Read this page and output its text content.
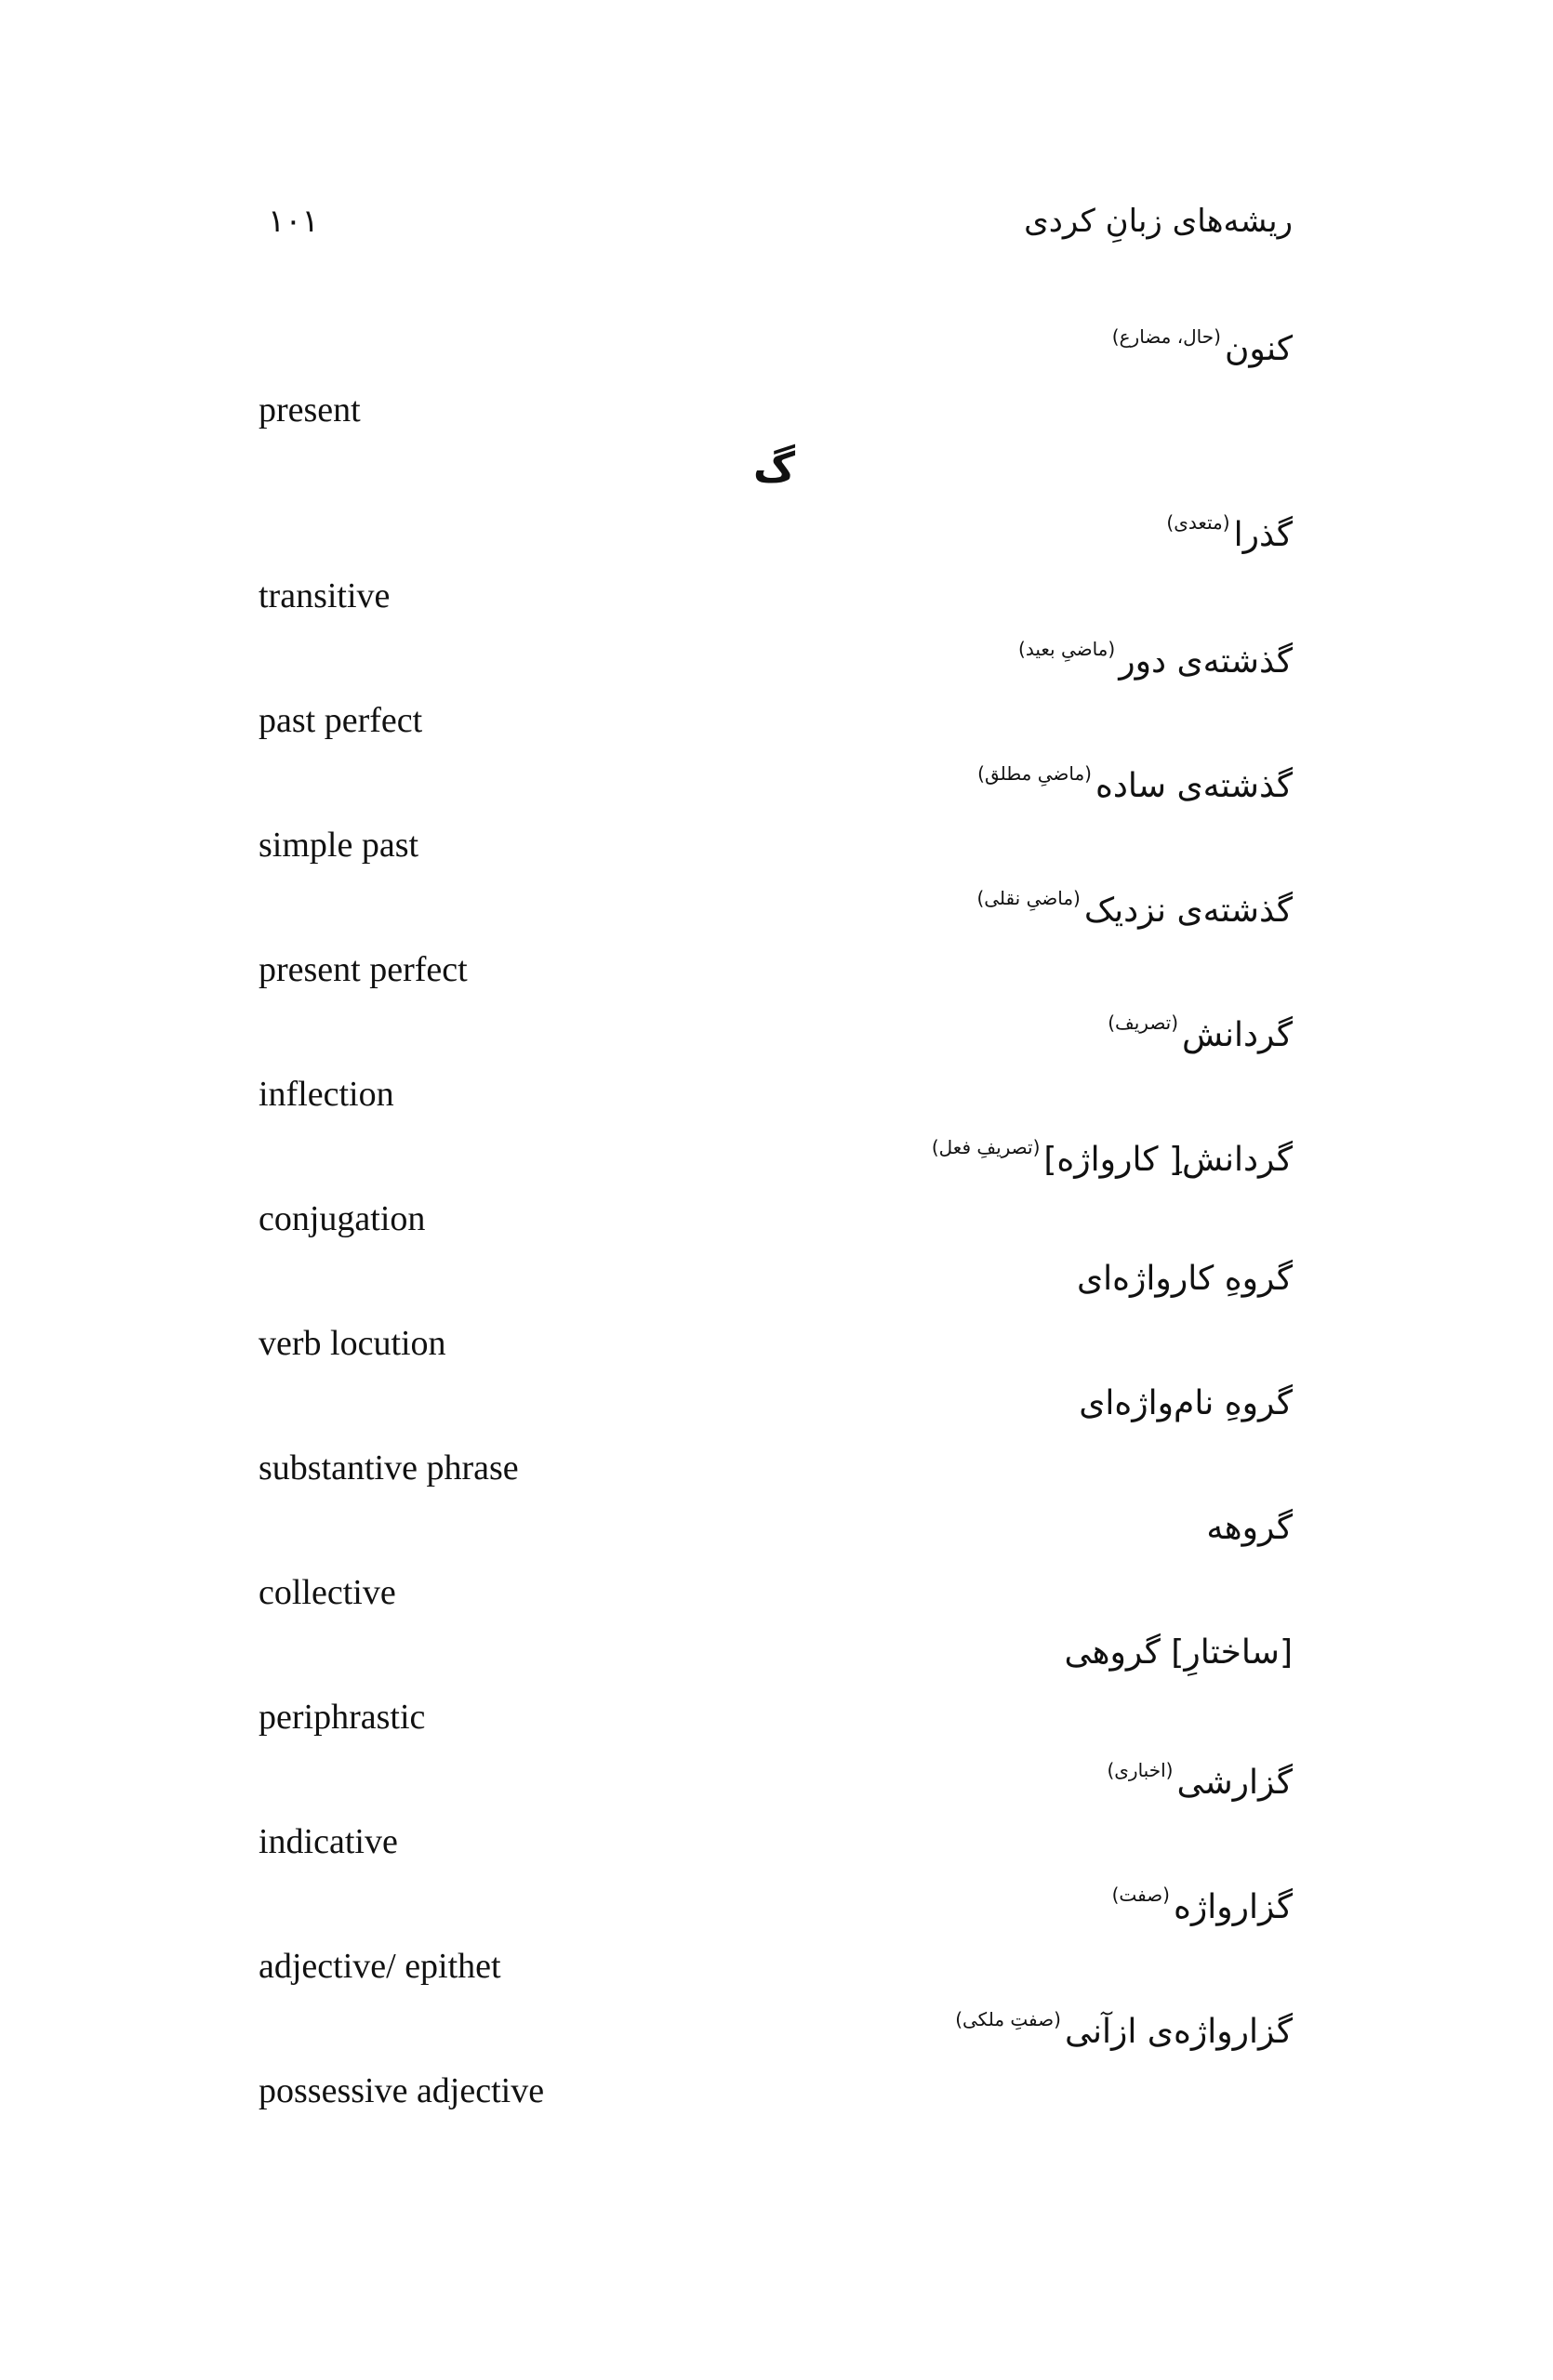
ریشه‌های زبانِ کردی
۱۰۱
گ
کنون$^{(حال، مضارع)}$
present
گذرا$^{(متعدی)}$
transitive
گذشته‌ی دور$^{(ماضیِ بعید)}$
past perfect
گذشته‌ی ساده$^{(ماضیِ مطلق)}$
simple past
گذشته‌ی نزدیک$^{(ماضیِ نقلی)}$
present perfect
گردانش$^{(تصریف)}$
inflection
گردانش[ِ کارواژه]$^{(تصریفِ فعل)}$
conjugation
گروهِ کارواژه‌ای
verb locution
گروهِ نام‌واژه‌ای
substantive phrase
گروهه
collective
[ساختارِ] گروهی
periphrastic
گزارشی$^{(اخباری)}$
indicative
گزارواژه$^{(صفت)}$
adjective/ epithet
گزارواژه‌ی ازآنی$^{(صفتِ ملکی)}$
possessive adjective
